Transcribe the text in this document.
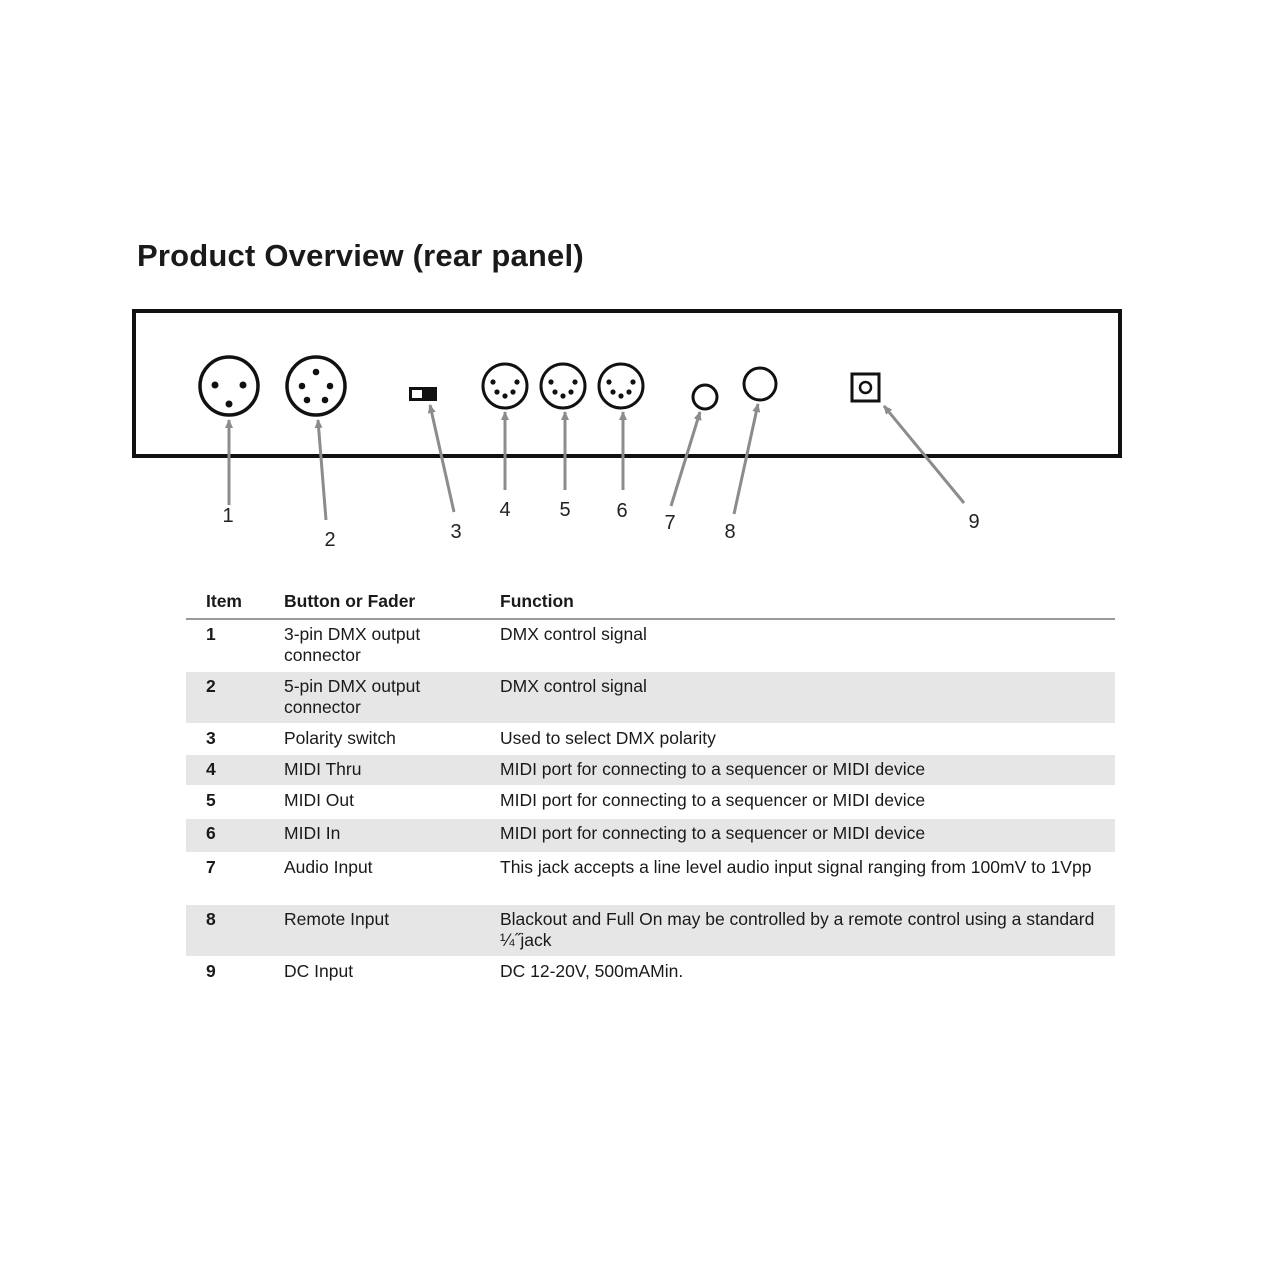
Product Overview (rear panel)
1
2	3
4 5 6
7 8	9
Item	Button or Fader	Function
1	3-pin DMX output connector	DMX control signal
2	5-pin DMX output connector	DMX control signal
3	Polarity switch	Used to select DMX polarity
4	MIDI Thru	MIDI port for connecting to a sequencer or MIDI device
5	MIDI Out	MIDI port for connecting to a sequencer or MIDI device
6	MIDI In	MIDI port for connecting to a sequencer or MIDI device
7	Audio Input	This jack accepts a line level audio input signal ranging from 100mV to 1Vpp
8	Remote Input	Blackout and Full On may be controlled by a remote control using a standard ¼˝jack
9	DC Input	DC 12-20V, 500mAMin.
